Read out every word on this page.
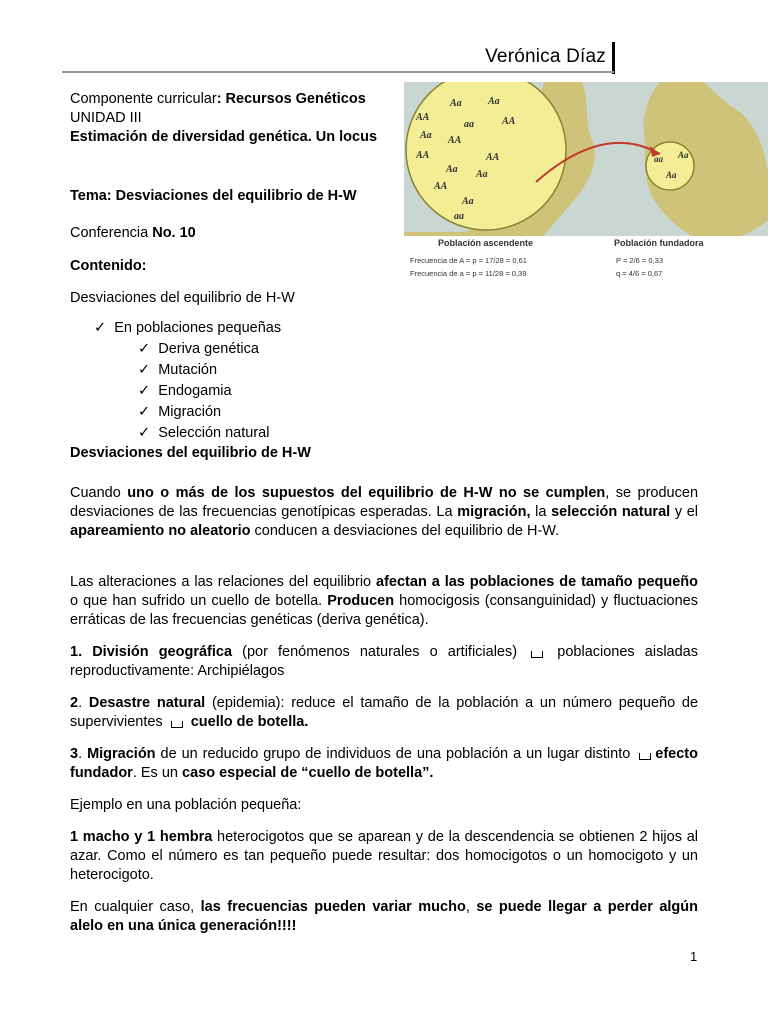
Verónica Díaz
Aa	Aa
AA
aa	AA
Aa AA
AA
AA
Aa Aa
AA
Aa
aa
aa Aa
Aa
Población ascendente	Población fundadora
Frecuencia de A = p = 17/28 = 0,61
Frecuencia de a = p = 11/28 = 0,39
P = 2/6 = 0,33
q = 4/6 = 0,67
Componente curricular: Recursos Genéticos
UNIDAD III
Estimación de diversidad genética. Un locus
Tema: Desviaciones del equilibrio de H-W
Conferencia No. 10
Contenido:
Desviaciones del equilibrio de H-W
✓ En poblaciones pequeñas
✓ Deriva genética
✓ Mutación
✓ Endogamia
✓ Migración
✓ Selección natural
Desviaciones del equilibrio de H-W
Cuando uno o más de los supuestos del equilibrio de H-W no se cumplen, se producen desviaciones de las frecuencias genotípicas esperadas. La migración, la selección natural y el apareamiento no aleatorio conducen a desviaciones del equilibrio de H-W.
Las alteraciones a las relaciones del equilibrio afectan a las poblaciones de tamaño pequeño o que han sufrido un cuello de botella. Producen homocigosis (consanguinidad) y fluctuaciones erráticas de las frecuencias genéticas (deriva genética).
1. División geográfica (por fenómenos naturales o artificiales)  poblaciones aisladas reproductivamente: Archipiélagos
2. Desastre natural (epidemia): reduce el tamaño de la población a un número pequeño de supervivientes  cuello de botella.
3. Migración de un reducido grupo de individuos de una población a un lugar distinto efecto fundador. Es un caso especial de “cuello de botella”.
Ejemplo en una población pequeña:
1 macho y 1 hembra heterocigotos que se aparean y de la descendencia se obtienen 2 hijos al azar. Como el número es tan pequeño puede resultar: dos homocigotos o un homocigoto y un heterocigoto.
En cualquier caso, las frecuencias pueden variar mucho, se puede llegar a perder algún alelo en una única generación!!!!
1
